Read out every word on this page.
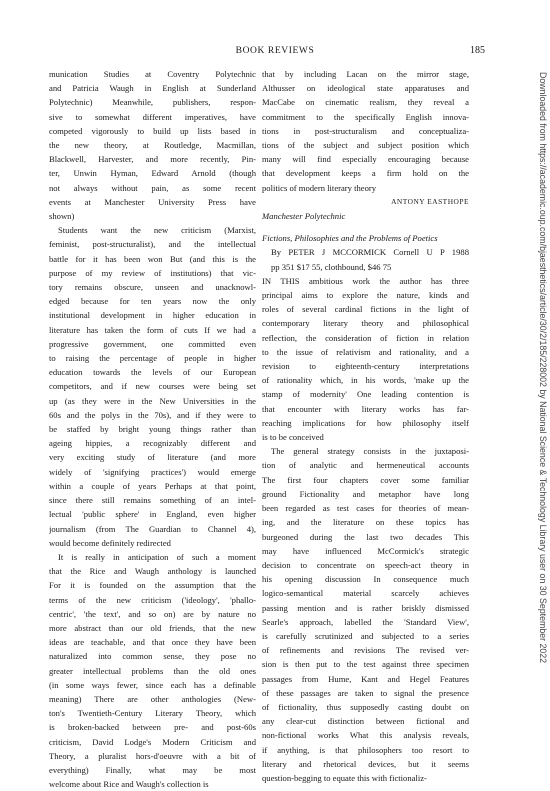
BOOK REVIEWS	185
munication Studies at Coventry Polytechnic
and Patricia Waugh in English at Sunderland
Polytechnic) Meanwhile, publishers, respon-
sive to somewhat different imperatives, have
competed vigorously to build up lists based in
the new theory, at Routledge, Macmillan,
Blackwell, Harvester, and more recently, Pin-
ter, Unwin Hyman, Edward Arnold (though
not always without pain, as some recent
events at Manchester University Press have
shown)
Students want the new criticism (Marxist,
feminist, post-structuralist), and the intellectual
battle for it has been won But (and this is the
purpose of my review of institutions) that vic-
tory remains obscure, unseen and unacknowl-
edged because for ten years now the only
institutional development in higher education in
literature has taken the form of cuts If we had a
progressive government, one committed even
to raising the percentage of people in higher
education towards the levels of our European
competitors, and if new courses were being set
up (as they were in the New Universities in the
60s and the polys in the 70s), and if they were to
be staffed by bright young things rather than
ageing hippies, a recognizably different and
very exciting study of literature (and more
widely of 'signifying practices') would emerge
within a couple of years Perhaps at that point,
since there still remains something of an intel-
lectual 'public sphere' in England, even higher
journalism (from The Guardian to Channel 4),
would become definitely redirected
It is really in anticipation of such a moment
that the Rice and Waugh anthology is launched
For it is founded on the assumption that the
terms of the new criticism ('ideology', 'phallo-
centric', 'the text', and so on) are by nature no
more abstract than our old friends, that the new
ideas are teachable, and that once they have been
naturalized into common sense, they pose no
greater intellectual problems than the old ones
(in some ways fewer, since each has a definable
meaning) There are other anthologies (New-
ton's Twentieth-Century Literary Theory, which
is broken-backed between pre- and post-60s
criticism, David Lodge's Modern Criticism and
Theory, a pluralist hors-d'oeuvre with a bit of
everything) Finally, what may be most
welcome about Rice and Waugh's collection is
that by including Lacan on the mirror stage,
Althusser on ideological state apparatuses and
MacCabe on cinematic realism, they reveal a
commitment to the specifically English innova-
tions in post-structuralism and conceptualiza-
tions of the subject and subject position which
many will find especially encouraging because
that development keeps a firm hold on the
politics of modern literary theory
ANTONY EASTHOPE
Manchester Polytechnic
Fictions, Philosophies and the Problems of Poetics
By PETER J MCCORMICK Cornell U P 1988
pp 351 $17 55, clothbound, $46 75
IN THIS ambitious work the author has three
principal aims to explore the nature, kinds and
roles of several cardinal fictions in the light of
contemporary literary theory and philosophical
reflection, the consideration of fiction in relation
to the issue of relativism and rationality, and a
revision to eighteenth-century interpretations
of rationality which, in his words, 'make up the
stamp of modernity' One leading contention is
that encounter with literary works has far-
reaching implications for how philosophy itself
is to be conceived
The general strategy consists in the juxtaposi-
tion of analytic and hermeneutical accounts
The first four chapters cover some familiar
ground Fictionality and metaphor have long
been regarded as test cases for theories of mean-
ing, and the literature on these topics has
burgeoned during the last two decades This
may have influenced McCormick's strategic
decision to concentrate on speech-act theory in
his opening discussion In consequence much
logico-semantical material scarcely achieves
passing mention and is rather briskly dismissed
Searle's approach, labelled the 'Standard View',
is carefully scrutinized and subjected to a series
of refinements and revisions The revised ver-
sion is then put to the test against three specimen
passages from Hume, Kant and Hegel Features
of these passages are taken to signal the presence
of fictionality, thus supposedly casting doubt on
any clear-cut distinction between fictional and
non-fictional works What this analysis reveals,
if anything, is that philosophers too resort to
literary and rhetorical devices, but it seems
question-begging to equate this with fictionaliz-
Downloaded from https://academic.oup.com/bjaesthetics/article/30/2/185/228002 by National Science & Technology Library user on 30 September 2022
